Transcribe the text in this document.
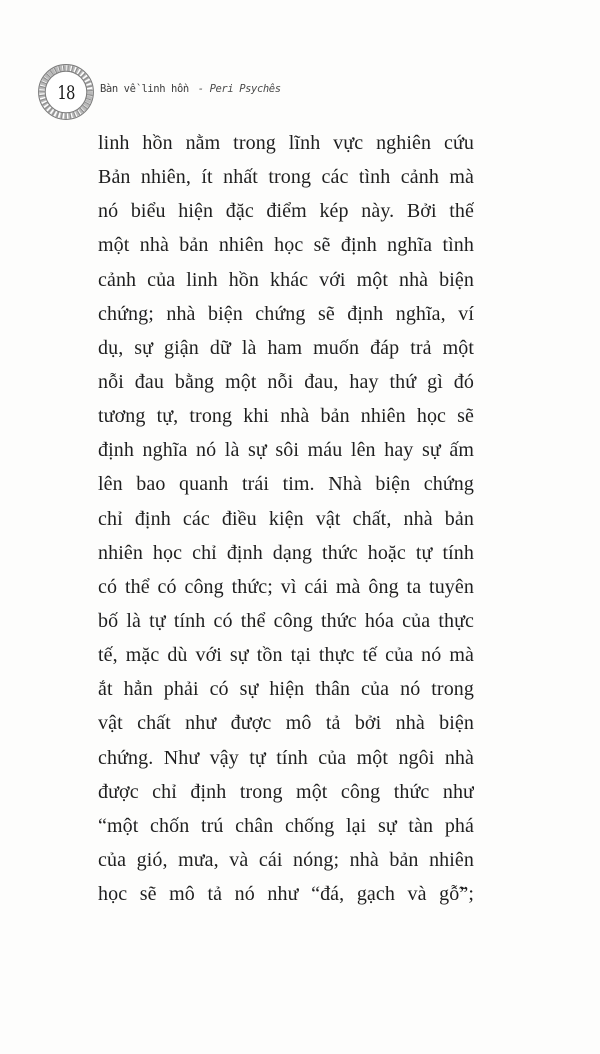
18	Bàn về linh hồn - Peri Psychês
linh hồn nằm trong lĩnh vực nghiên cứu
Bản nhiên, ít nhất trong các tình cảnh mà
nó biểu hiện đặc điểm kép này. Bởi thế
một nhà bản nhiên học sẽ định nghĩa tình
cảnh của linh hồn khác với một nhà biện
chứng; nhà biện chứng sẽ định nghĩa, ví
dụ, sự giận dữ là ham muốn đáp trả một
nỗi đau bằng một nỗi đau, hay thứ gì đó
tương tự, trong khi nhà bản nhiên học sẽ
định nghĩa nó là sự sôi máu lên hay sự ấm
lên bao quanh trái tim. Nhà biện chứng
chỉ định các điều kiện vật chất, nhà bản
nhiên học chỉ định dạng thức hoặc tự tính
có thể có công thức; vì cái mà ông ta tuyên
bố là tự tính có thể công thức hóa của thực
tế, mặc dù với sự tồn tại thực tế của nó mà
ắt hẳn phải có sự hiện thân của nó trong
vật chất như được mô tả bởi nhà biện
chứng. Như vậy tự tính của một ngôi nhà
được chỉ định trong một công thức như
“một chốn trú chân chống lại sự tàn phá
của gió, mưa, và cái nóng; nhà bản nhiên
học sẽ mô tả nó như “đá, gạch và gỗ̃”;
